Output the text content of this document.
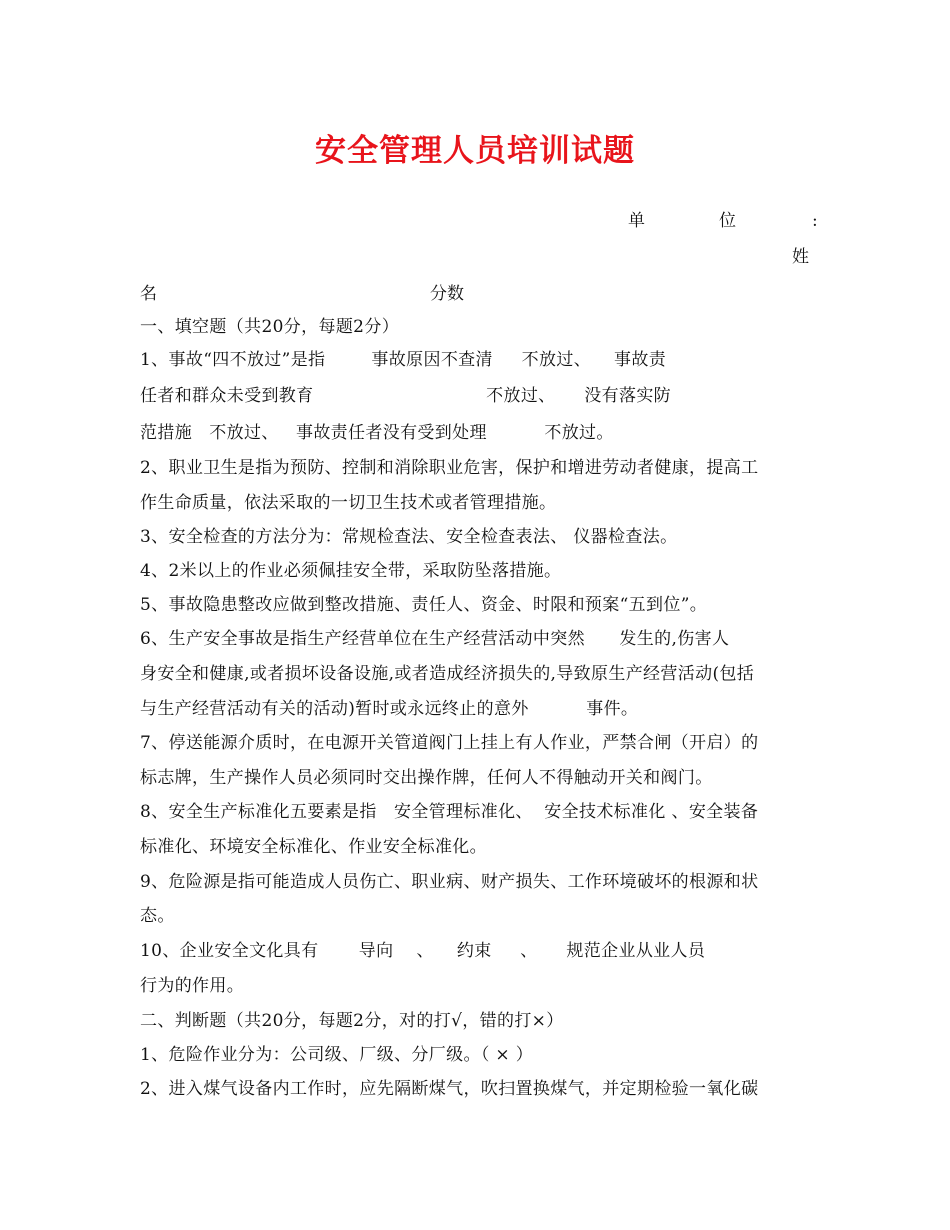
安全管理人员培训试题
单	位	:
姓
名	分数
一、填空题（共20分，每题2分）
1、事故“四不放过”是指        事故原因不查清     不放过、    事故责
任者和群众未受到教育                              不放过、     没有落实防
范措施   不放过、   事故责任者没有受到处理          不放过。
2、职业卫生是指为预防、控制和消除职业危害，保护和增进劳动者健康，提高工
作生命质量，依法采取的一切卫生技术或者管理措施。
3、安全检查的方法分为：常规检查法、安全检查表法、 仪器检查法。
4、2米以上的作业必须佩挂安全带，采取防坠落措施。
5、事故隐患整改应做到整改措施、责任人、资金、时限和预案“五到位”。
6、生产安全事故是指生产经营单位在生产经营活动中突然      发生的,伤害人
身安全和健康,或者损坏设备设施,或者造成经济损失的,导致原生产经营活动(包括
与生产经营活动有关的活动)暂时或永远终止的意外          事件。
7、停送能源介质时，在电源开关管道阀门上挂上有人作业，严禁合闸（开启）的
标志牌，生产操作人员必须同时交出操作牌，任何人不得触动开关和阀门。
8、安全生产标准化五要素是指   安全管理标准化、  安全技术标准化 、安全装备
标准化、环境安全标准化、作业安全标准化。
9、危险源是指可能造成人员伤亡、职业病、财产损失、工作环境破坏的根源和状
态。
10、企业安全文化具有       导向    、    约束     、     规范企业从业人员
行为的作用。
二、判断题（共20分，每题2分，对的打√，错的打×）
1、危险作业分为：公司级、厂级、分厂级。（ × ）
2、进入煤气设备内工作时，应先隔断煤气，吹扫置换煤气，并定期检验一氧化碳
